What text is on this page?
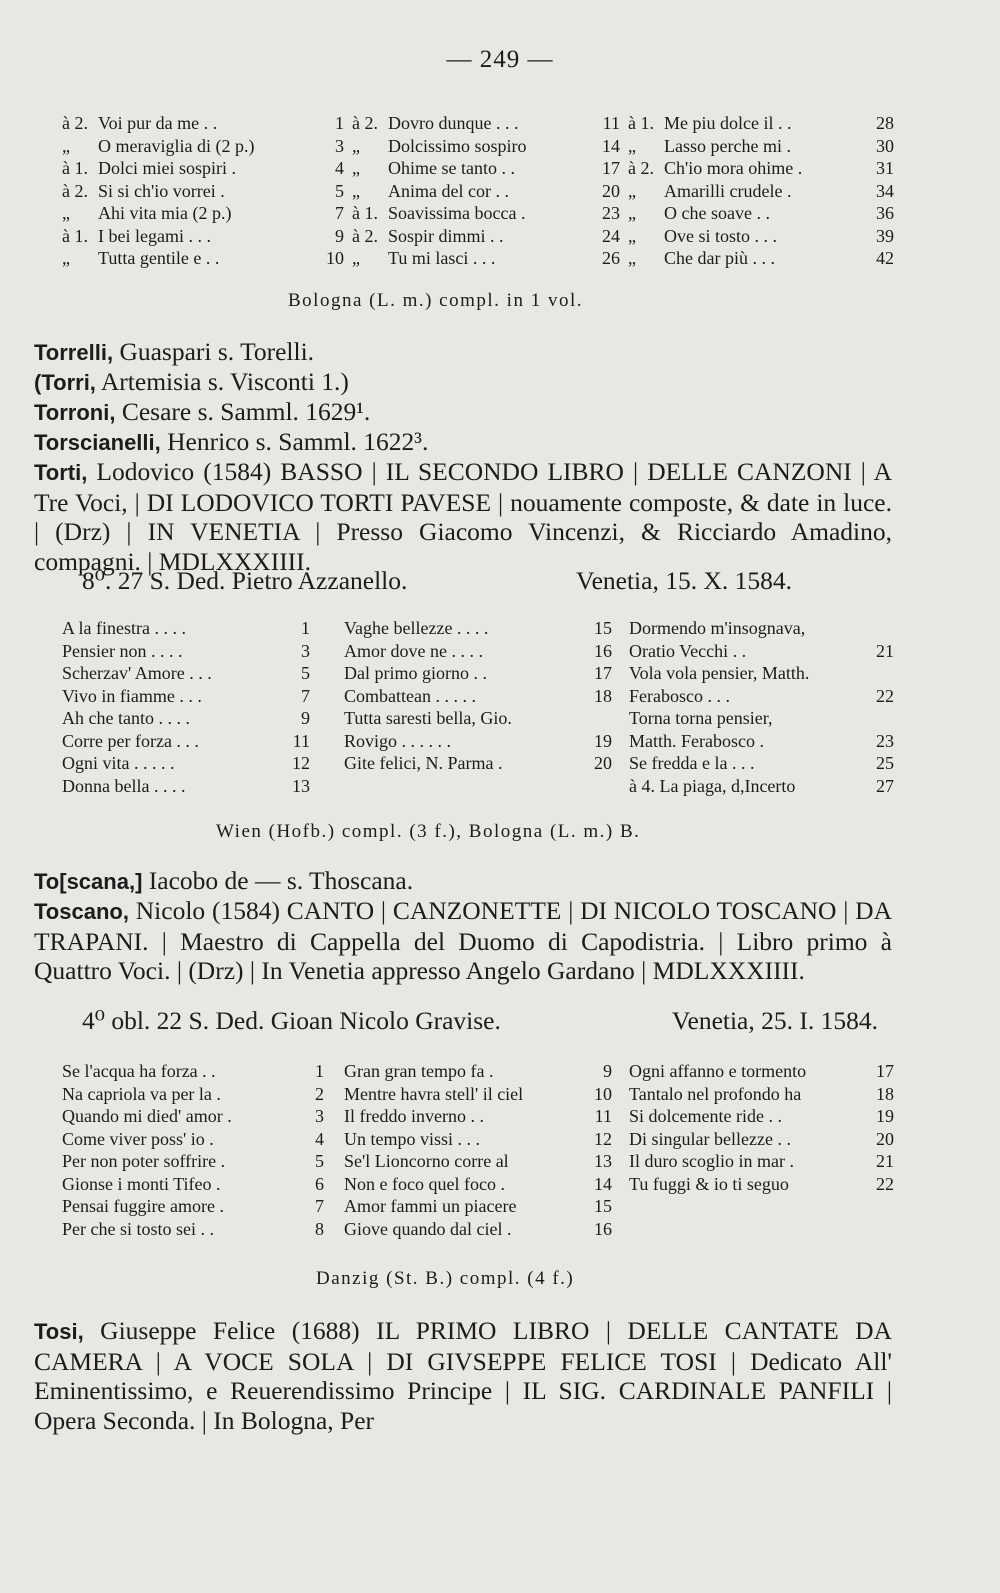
— 249 —
à 2. Voi pur da me . .	1
„	O meraviglia di (2 p.)	3
à 1. Dolci miei sospiri .	4
à 2. Si si ch'io vorrei .	5
„	Ahi vita mia (2 p.)	7
à 1. I bei legami . . .	9
„	Tutta gentile e . .	10
à 2. Dovro dunque . . .	11
„	Dolcissimo sospiro	14
„	Ohime se tanto . .	17
„	Anima del cor . .	20
à 1. Soavissima bocca .	23
à 2. Sospir dimmi . .	24
„	Tu mi lasci . . .	26
à 1. Me piu dolce il . .	28
„	Lasso perche mi .	30
à 2. Ch'io mora ohime .	31
„	Amarilli crudele .	34
„	O che soave . .	36
„	Ove si tosto . . .	39
„	Che dar più . . .	42
Bologna (L. m.) compl. in 1 vol.
Torrelli, Guaspari s. Torelli.
(Torri, Artemisia s. Visconti 1.)
Torroni, Cesare s. Samml. 1629¹.
Torscianelli, Henrico s. Samml. 1622³.
Torti, Lodovico (1584) BASSO | IL SECONDO LIBRO | DELLE CANZONI | A Tre Voci, | DI LODOVICO TORTI PAVESE | nouamente composte, & date in luce. | (Drz) | IN VENETIA | Presso Giacomo Vincenzi, & Ricciardo Amadino, compagni. | MDLXXXIIII.
8⁰. 27 S. Ded. Pietro Azzanello.	Venetia, 15. X. 1584.
A la finestra . . . .	1
Pensier non . . . .	3
Scherzav' Amore . . .	5
Vivo in fiamme . . .	7
Ah che tanto . . . .	9
Corre per forza . . .	11
Ogni vita . . . . .	12
Donna bella . . . .	13
Vaghe bellezze . . . .	15
Amor dove ne . . . .	16
Dal primo giorno . .	17
Combattean . . . . .	18
Tutta saresti bella, Gio.
Rovigo . . . . . .	19
Gite felici, N. Parma .	20
Dormendo m'insognava,
Oratio Vecchi . .	21
Vola vola pensier, Matth.
Ferabosco . . .	22
Torna torna pensier,
Matth. Ferabosco .	23
Se fredda e la . . .	25
à 4. La piaga, d,Incerto	27
Wien (Hofb.) compl. (3 f.), Bologna (L. m.) B.
To[scana,] Iacobo de — s. Thoscana.
Toscano, Nicolo (1584) CANTO | CANZONETTE | DI NICOLO TOSCANO | DA TRAPANI. | Maestro di Cappella del Duomo di Capodistria. | Libro primo à Quattro Voci. | (Drz) | In Venetia appresso Angelo Gardano | MDLXXXIIII.
4⁰ obl. 22 S. Ded. Gioan Nicolo Gravise.	Venetia, 25. I. 1584.
Se l'acqua ha forza . .	1
Na capriola va per la .	2
Quando mi died' amor .	3
Come viver poss' io .	4
Per non poter soffrire .	5
Gionse i monti Tifeo .	6
Pensai fuggire amore .	7
Per che si tosto sei . .	8
Gran gran tempo fa .	9
Mentre havra stell' il ciel	10
Il freddo inverno . .	11
Un tempo vissi . . .	12
Se'l Lioncorno corre al	13
Non e foco quel foco .	14
Amor fammi un piacere	15
Giove quando dal ciel .	16
Ogni affanno e tormento	17
Tantalo nel profondo ha	18
Si dolcemente ride . .	19
Di singular bellezze . .	20
Il duro scoglio in mar .	21
Tu fuggi & io ti seguo	22
Danzig (St. B.) compl. (4 f.)
Tosi, Giuseppe Felice (1688) IL PRIMO LIBRO | DELLE CANTATE DA CAMERA | A VOCE SOLA | DI GIVSEPPE FELICE TOSI | Dedicato All' Eminentissimo, e Reuerendissimo Principe | IL SIG. CARDINALE PANFILI | Opera Seconda. | In Bologna, Per
